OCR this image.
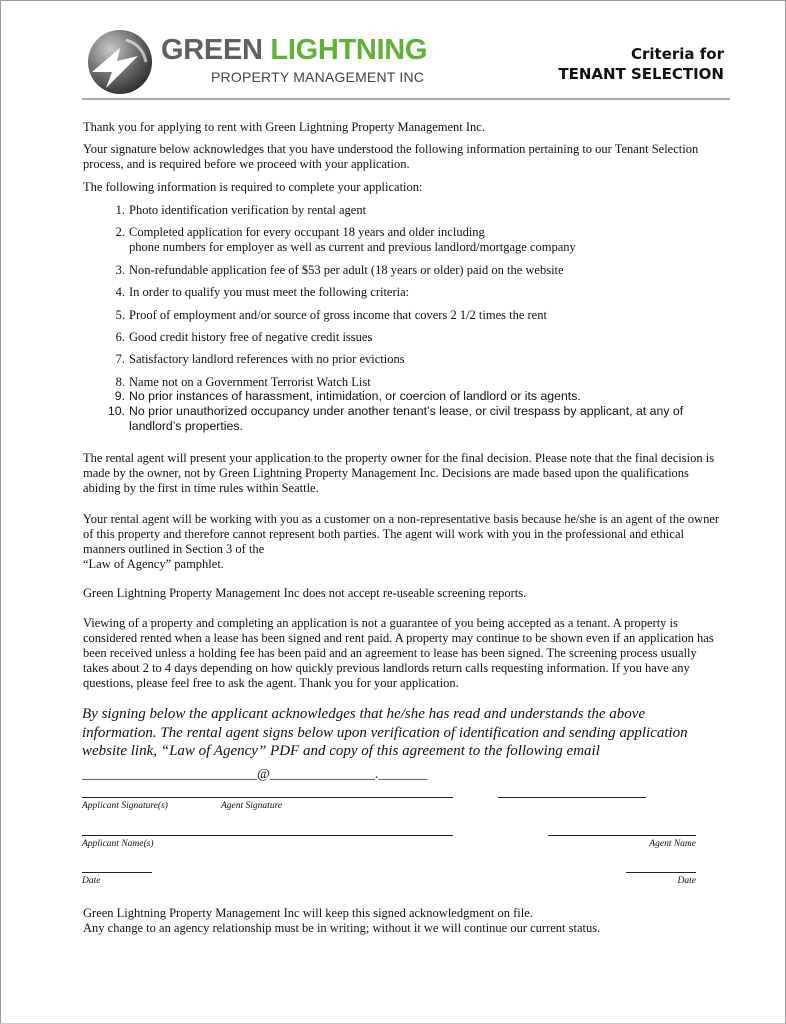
GREEN LIGHTNING
PROPERTY MANAGEMENT INC
Criteria for
TENANT SELECTION
Thank you for applying to rent with Green Lightning Property Management Inc.
Your signature below acknowledges that you have understood the following information pertaining to our Tenant Selection process, and is required before we proceed with your application.
The following information is required to complete your application:
1. Photo identification verification by rental agent
2. Completed application for every occupant 18 years and older including
phone numbers for employer as well as current and previous landlord/mortgage company
3. Non-refundable application fee of $53 per adult (18 years or older) paid on the website
4. In order to qualify you must meet the following criteria:
5. Proof of employment and/or source of gross income that covers 2 1/2 times the rent
6. Good credit history free of negative credit issues
7. Satisfactory landlord references with no prior evictions
8. Name not on a Government Terrorist Watch List
9. No prior instances of harassment, intimidation, or coercion of landlord or its agents.
10. No prior unauthorized occupancy under another tenant’s lease, or civil trespass by applicant, at any of
landlord’s properties.
The rental agent will present your application to the property owner for the final decision. Please note that the final decision is made by the owner, not by Green Lightning Property Management Inc. Decisions are made based upon the qualifications abiding by the first in time rules within Seattle.

Your rental agent will be working with you as a customer on a non-representative basis because he/she is an agent of the owner of this property and therefore cannot represent both parties. The agent will work with you in the professional and ethical manners outlined in Section 3 of the

“Law of Agency” pamphlet.

Green Lightning Property Management Inc does not accept re-useable screening reports.
Viewing of a property and completing an application is not a guarantee of you being accepted as a tenant. A property is considered rented when a lease has been signed and rent paid. A property may continue to be shown even if an application has been received unless a holding fee has been paid and an agreement to lease has been signed. The screening process usually takes about 2 to 4 days depending on how quickly previous landlords return calls requesting information. If you have any questions, please feel free to ask the agent. Thank you for your application.
By signing below the applicant acknowledges that he/she has read and understands the above information. The rental agent signs below upon verification of identification and sending application website link, “Law of Agency” PDF and copy of this agreement to the following email
_________________________@_______________._______
Applicant Signature(s)	Agent Signature
Applicant Name(s)	Agent Name
Date	Date
Green Lightning Property Management Inc will keep this signed acknowledgment on file.
Any change to an agency relationship must be in writing; without it we will continue our current status.
